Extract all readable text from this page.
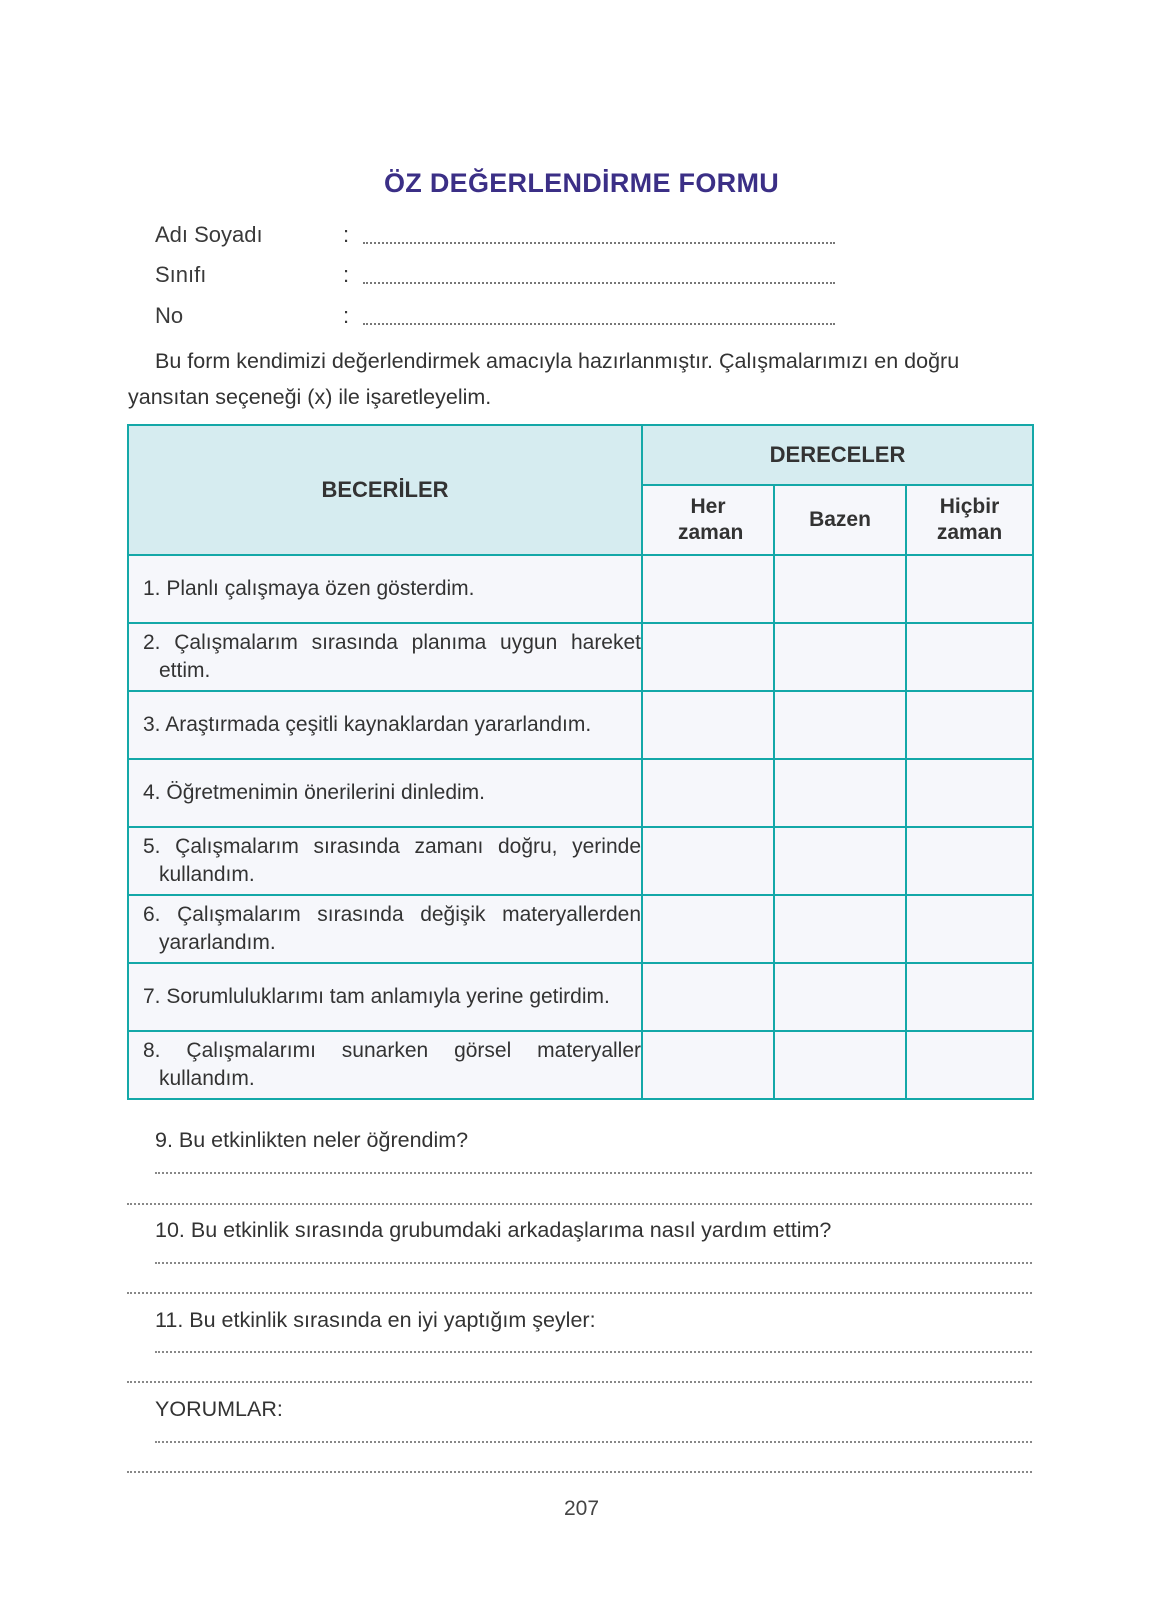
ÖZ DEĞERLENDİRME FORMU
Adı Soyadı	:
Sınıfı	:
No	:
Bu form kendimizi değerlendirmek amacıyla hazırlanmıştır. Çalışmalarımızı en doğru yansıtan seçeneği (x) ile işaretleyelim.
BECERİLER	DERECELER		
	Her zaman	Bazen	Hiçbir zaman
1. Planlı çalışmaya özen gösterdim.			
2. Çalışmalarım sırasında planıma uygun hareket ettim.			
3. Araştırmada çeşitli kaynaklardan yararlandım.			
4. Öğretmenimin önerilerini dinledim.			
5. Çalışmalarım sırasında zamanı doğru, yerinde kullandım.			
6. Çalışmalarım sırasında değişik materyallerden yararlandım.			
7. Sorumluluklarımı tam anlamıyla yerine getirdim.			
8. Çalışmalarımı sunarken görsel materyaller kullandım.			
9. Bu etkinlikten neler öğrendim?
10. Bu etkinlik sırasında grubumdaki arkadaşlarıma nasıl yardım ettim?
11. Bu etkinlik sırasında en iyi yaptığım şeyler:
YORUMLAR:
207
